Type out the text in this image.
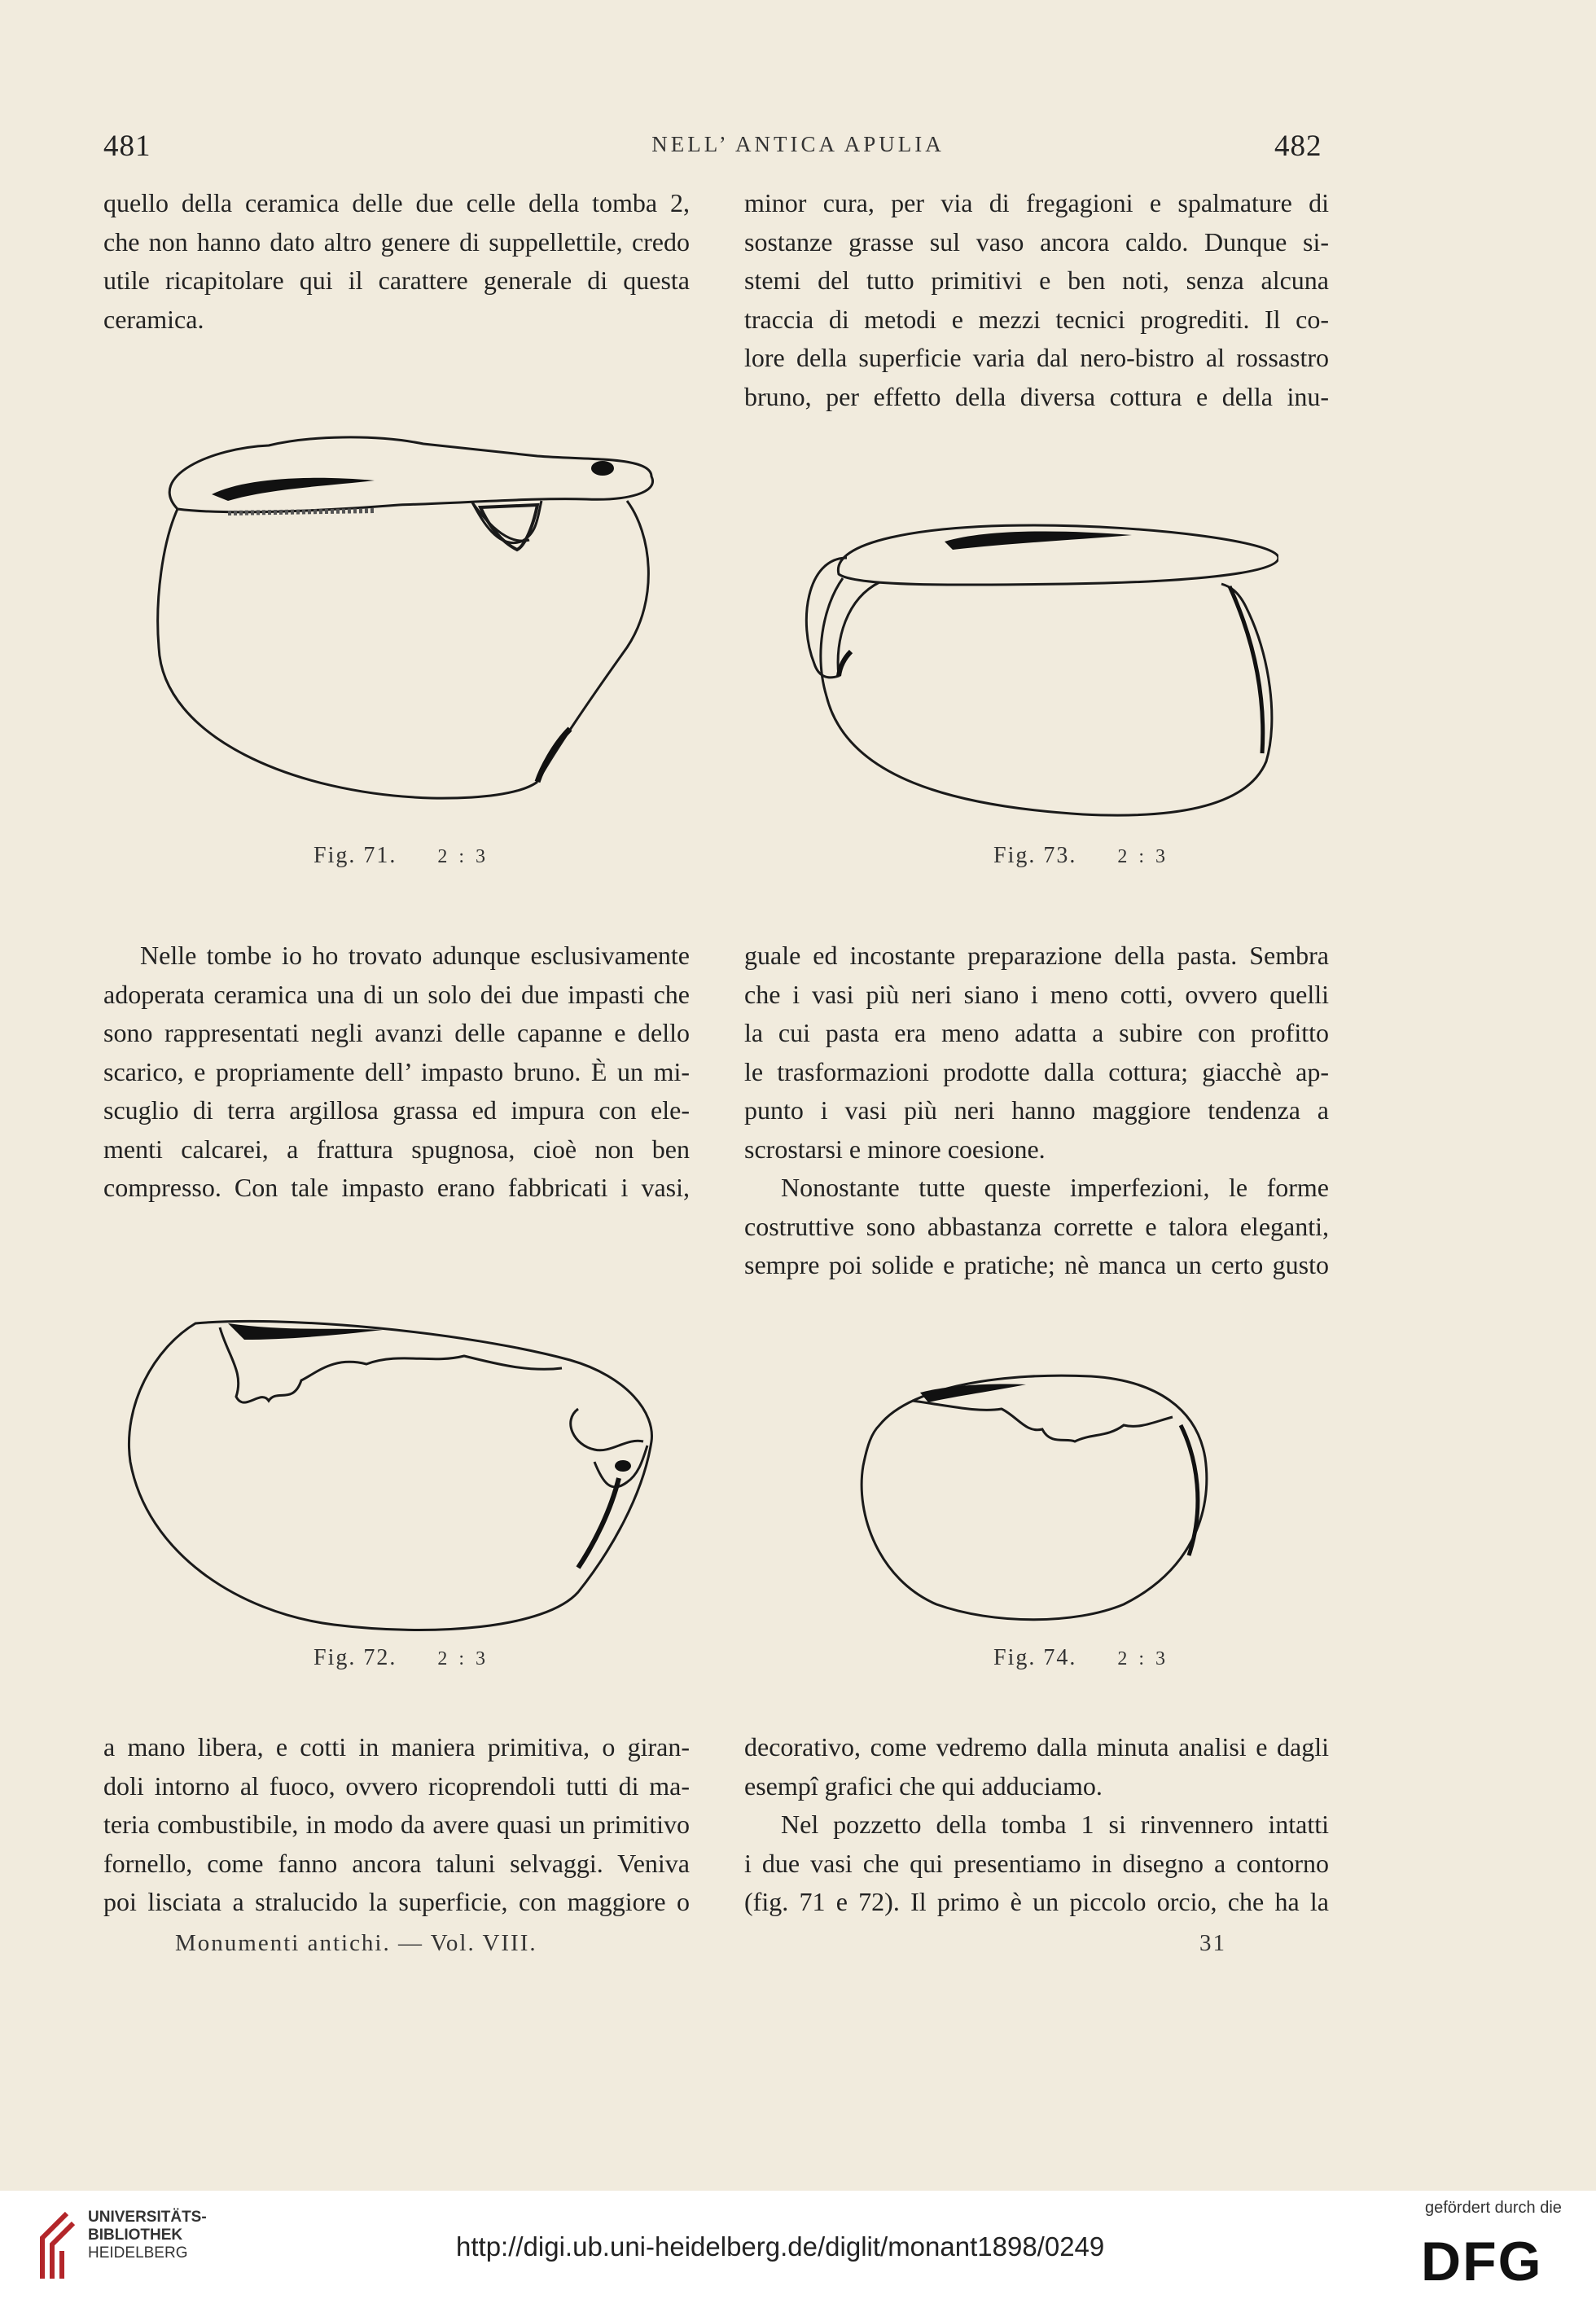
481	NELL’ ANTICA APULIA	482
quello della ceramica delle due celle della tomba 2,
che non hanno dato altro genere di suppellettile, credo
utile ricapitolare qui il carattere generale di questa
ceramica.
minor cura, per via di fregagioni e spalmature di
sostanze grasse sul vaso ancora caldo. Dunque si-
stemi del tutto primitivi e ben noti, senza alcuna
traccia di metodi e mezzi tecnici progrediti. Il co-
lore della superficie varia dal nero-bistro al rossastro
bruno, per effetto della diversa cottura e della inu-
Fig. 71. 2 : 3	Fig. 73. 2 : 3
Nelle tombe io ho trovato adunque esclusivamente
adoperata ceramica una di un solo dei due impasti che
sono rappresentati negli avanzi delle capanne e dello
scarico, e propriamente dell’ impasto bruno. È un mi-
scuglio di terra argillosa grassa ed impura con ele-
menti calcarei, a frattura spugnosa, cioè non ben
compresso. Con tale impasto erano fabbricati i vasi,
guale ed incostante preparazione della pasta. Sembra
che i vasi più neri siano i meno cotti, ovvero quelli
la cui pasta era meno adatta a subire con profitto
le trasformazioni prodotte dalla cottura; giacchè ap-
punto i vasi più neri hanno maggiore tendenza a
scrostarsi e minore coesione.
Nonostante tutte queste imperfezioni, le forme
costruttive sono abbastanza corrette e talora eleganti,
sempre poi solide e pratiche; nè manca un certo gusto
Fig. 72. 2 : 3	Fig. 74. 2 : 3
a mano libera, e cotti in maniera primitiva, o giran-
doli intorno al fuoco, ovvero ricoprendoli tutti di ma-
teria combustibile, in modo da avere quasi un primitivo
fornello, come fanno ancora taluni selvaggi. Veniva
poi lisciata a stralucido la superficie, con maggiore o
decorativo, come vedremo dalla minuta analisi e dagli
esempî grafici che qui adduciamo.
Nel pozzetto della tomba 1 si rinvennero intatti
i due vasi che qui presentiamo in disegno a contorno
(fig. 71 e 72). Il primo è un piccolo orcio, che ha la
Monumenti antichi. — Vol. VIII.	31
UNIVERSITÄTS-
BIBLIOTHEK
HEIDELBERG	http://digi.ub.uni-heidelberg.de/diglit/monant1898/0249
gefördert durch die
DFG
